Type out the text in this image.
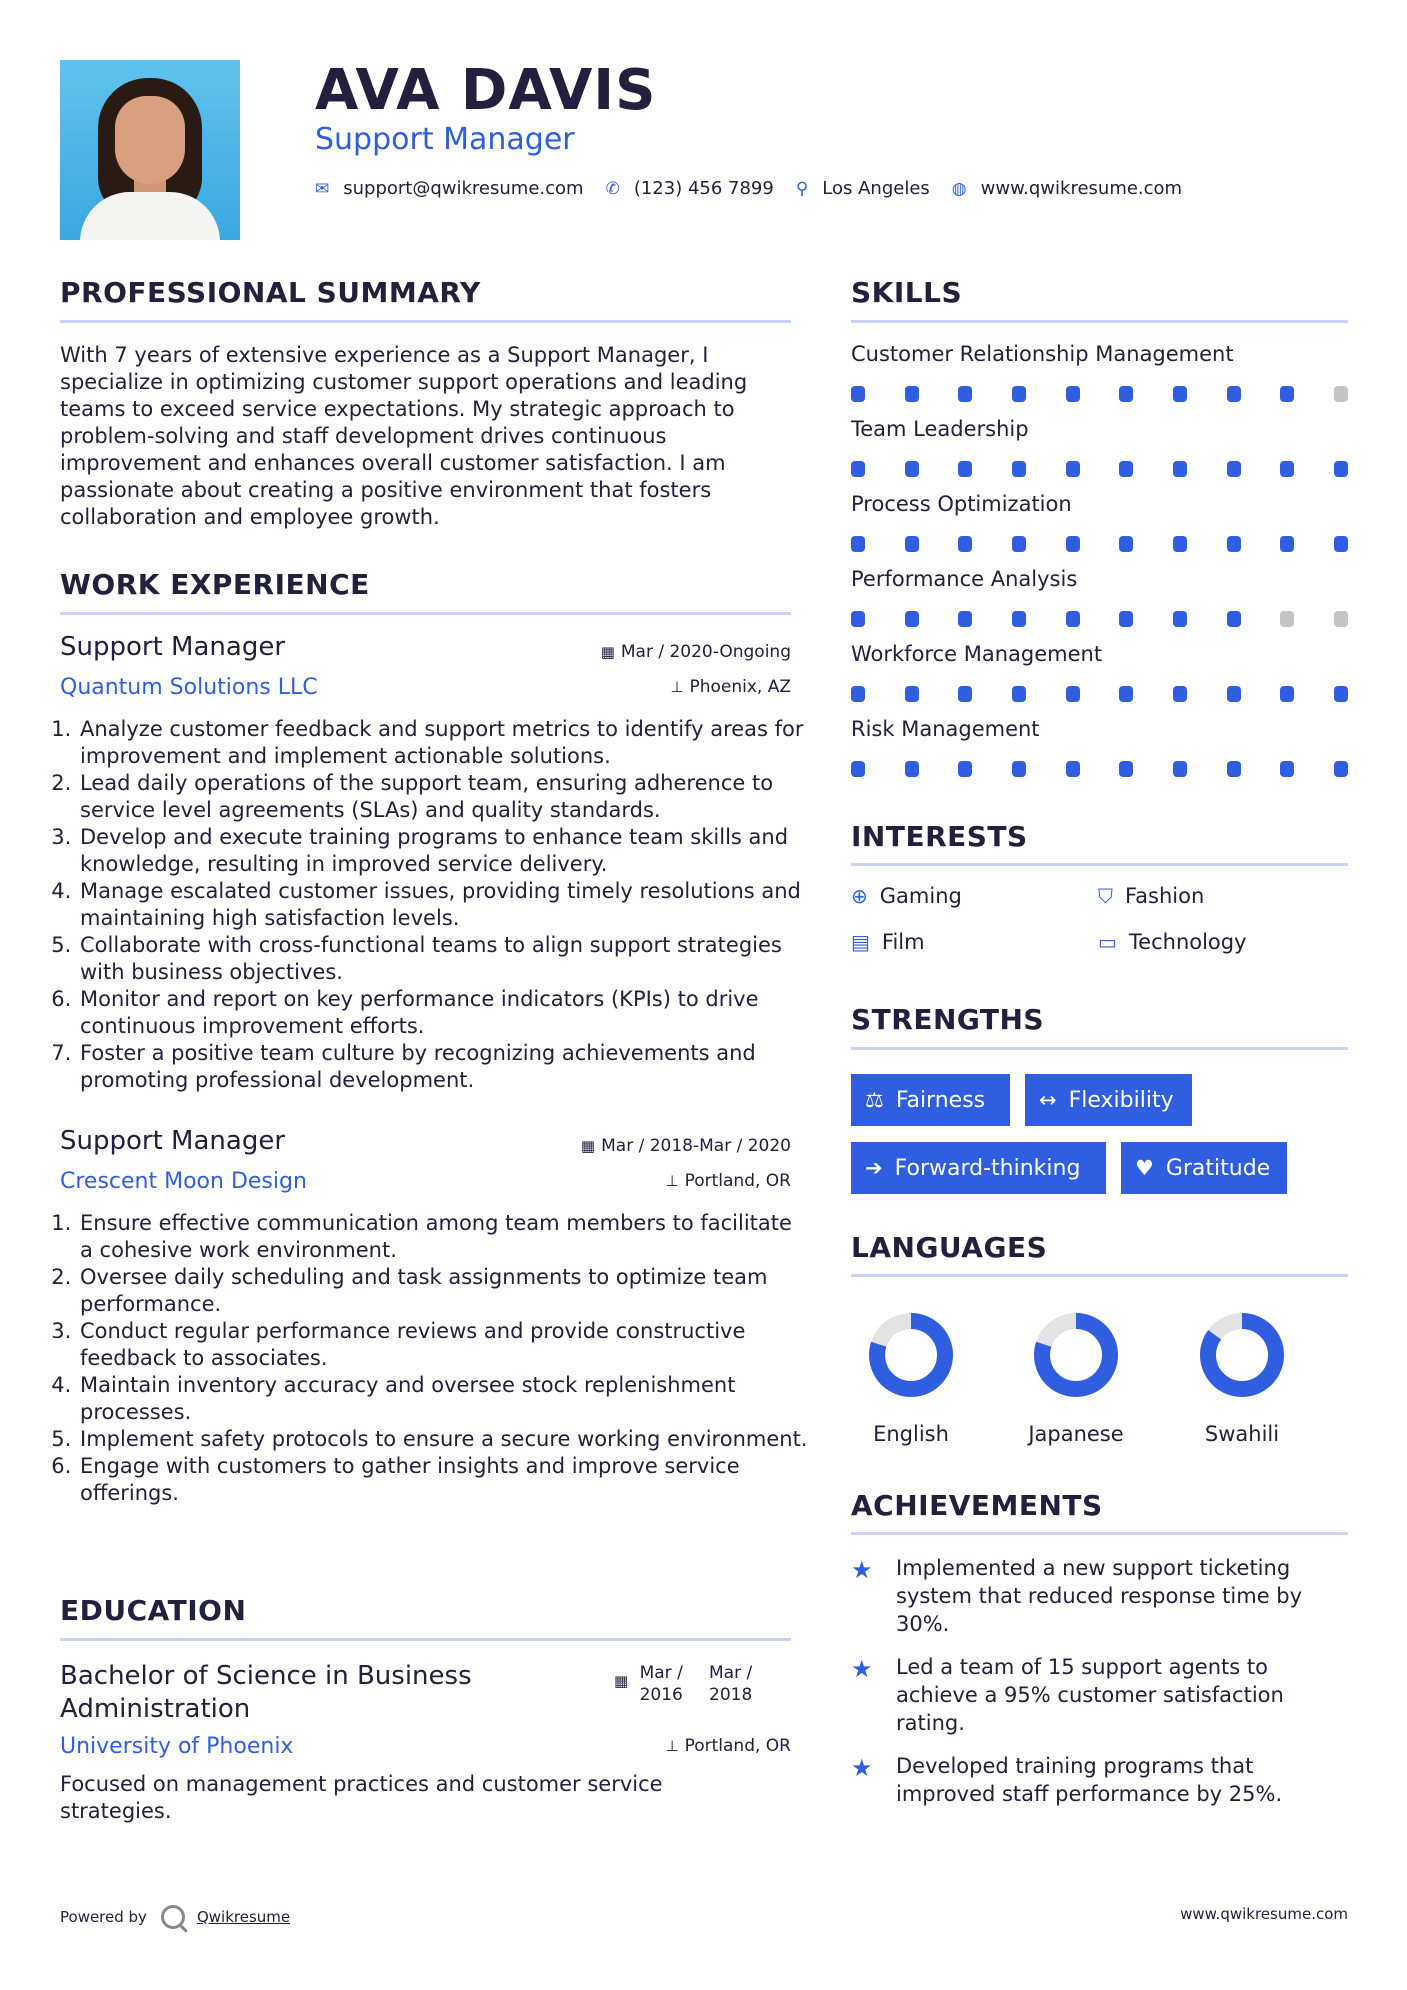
AVA DAVIS
Support Manager
✉ support@qwikresume.com ✆ (123) 456 7899 ⚲ Los Angeles ◍ www.qwikresume.com
PROFESSIONAL SUMMARY
With 7 years of extensive experience as a Support Manager, I specialize in optimizing customer support operations and leading teams to exceed service expectations. My strategic approach to problem-solving and staff development drives continuous improvement and enhances overall customer satisfaction. I am passionate about creating a positive environment that fosters collaboration and employee growth.
WORK EXPERIENCE
Support Manager
Quantum Solutions LLC
▦ Mar / 2020-Ongoing
⊥ Phoenix, AZ
1. Analyze customer feedback and support metrics to identify areas for improvement and implement actionable solutions.
2. Lead daily operations of the support team, ensuring adherence to service level agreements (SLAs) and quality standards.
3. Develop and execute training programs to enhance team skills and knowledge, resulting in improved service delivery.
4. Manage escalated customer issues, providing timely resolutions and maintaining high satisfaction levels.
5. Collaborate with cross-functional teams to align support strategies with business objectives.
6. Monitor and report on key performance indicators (KPIs) to drive continuous improvement efforts.
7. Foster a positive team culture by recognizing achievements and promoting professional development.
Support Manager
Crescent Moon Design
▦ Mar / 2018-Mar / 2020
⊥ Portland, OR
1. Ensure effective communication among team members to facilitate a cohesive work environment.
2. Oversee daily scheduling and task assignments to optimize team performance.
3. Conduct regular performance reviews and provide constructive feedback to associates.
4. Maintain inventory accuracy and oversee stock replenishment processes.
5. Implement safety protocols to ensure a secure working environment.
6. Engage with customers to gather insights and improve service offerings.
EDUCATION
Bachelor of Science in Business Administration
▦ Mar / 2016 Mar / 2018
University of Phoenix	⊥ Portland, OR
Focused on management practices and customer service strategies.
SKILLS
Customer Relationship Management
Team Leadership
Process Optimization
Performance Analysis
Workforce Management
Risk Management
INTERESTS
⊕ Gaming	⛉ Fashion
▤ Film	▭ Technology
STRENGTHS
⚖ Fairness	↔ Flexibility
➔ Forward-thinking	♥ Gratitude
LANGUAGES
English	Japanese	Swahili
ACHIEVEMENTS
★ Implemented a new support ticketing system that reduced response time by 30%.
★ Led a team of 15 support agents to achieve a 95% customer satisfaction rating.
★ Developed training programs that improved staff performance by 25%.
Powered by	Qwikresume	www.qwikresume.com
